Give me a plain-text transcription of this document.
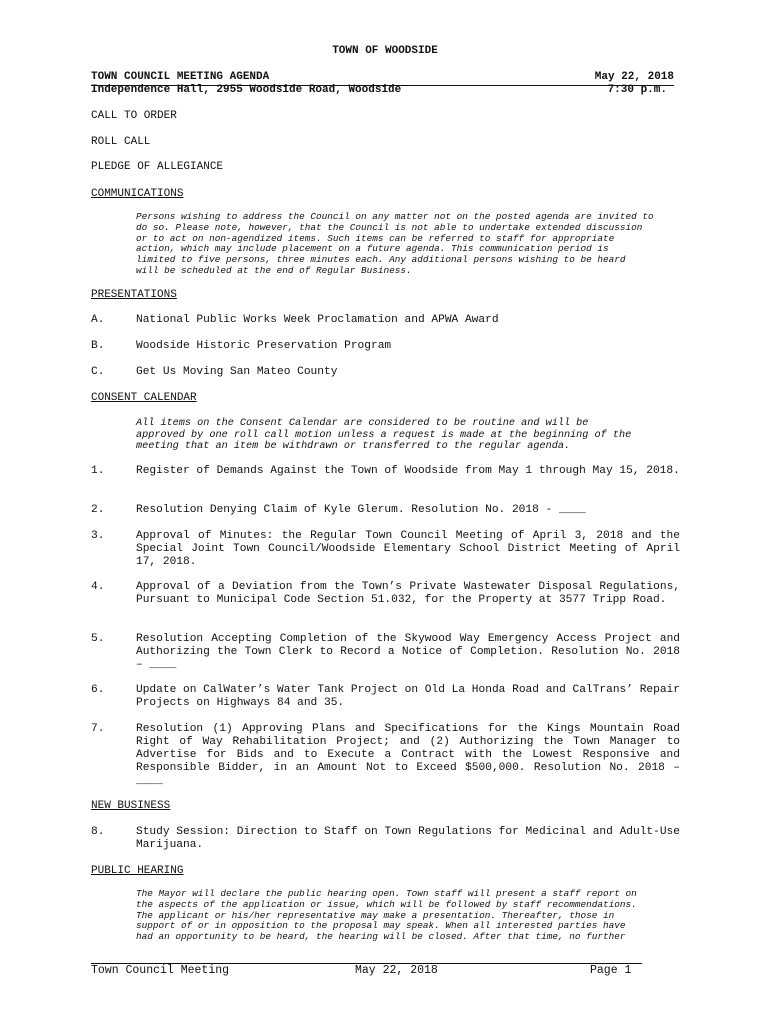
TOWN OF WOODSIDE
TOWN COUNCIL MEETING AGENDA	May 22, 2018
Independence Hall, 2955 Woodside Road, Woodside	7:30 p.m.
CALL TO ORDER
ROLL CALL
PLEDGE OF ALLEGIANCE
COMMUNICATIONS
Persons wishing to address the Council on any matter not on the posted agenda are invited to
do so. Please note, however, that the Council is not able to undertake extended discussion
or to act on non-agendized items. Such items can be referred to staff for appropriate
action, which may include placement on a future agenda. This communication period is
limited to five persons, three minutes each. Any additional persons wishing to be heard
will be scheduled at the end of Regular Business.
PRESENTATIONS
A.	National Public Works Week Proclamation and APWA Award
B.	Woodside Historic Preservation Program
C.	Get Us Moving San Mateo County
CONSENT CALENDAR
All items on the Consent Calendar are considered to be routine and will be
approved by one roll call motion unless a request is made at the beginning of the
meeting that an item be withdrawn or transferred to the regular agenda.
1.	Register of Demands Against the Town of Woodside from May 1 through May 15, 2018.
2.	Resolution Denying Claim of Kyle Glerum. Resolution No. 2018 - ____
3.	Approval of Minutes: the Regular Town Council Meeting of April 3, 2018 and the Special Joint Town Council/Woodside Elementary School District Meeting of April 17, 2018.
4.	Approval of a Deviation from the Town’s Private Wastewater Disposal Regulations, Pursuant to Municipal Code Section 51.032, for the Property at 3577 Tripp Road.
5.	Resolution Accepting Completion of the Skywood Way Emergency Access Project and Authorizing the Town Clerk to Record a Notice of Completion. Resolution No. 2018 – ____
6.	Update on CalWater’s Water Tank Project on Old La Honda Road and CalTrans’ Repair Projects on Highways 84 and 35.
7.	Resolution (1) Approving Plans and Specifications for the Kings Mountain Road Right of Way Rehabilitation Project; and (2) Authorizing the Town Manager to Advertise for Bids and to Execute a Contract with the Lowest Responsive and Responsible Bidder, in an Amount Not to Exceed $500,000. Resolution No. 2018 – ____
NEW BUSINESS
8.	Study Session: Direction to Staff on Town Regulations for Medicinal and Adult-Use Marijuana.
PUBLIC HEARING
The Mayor will declare the public hearing open. Town staff will present a staff report on
the aspects of the application or issue, which will be followed by staff recommendations.
The applicant or his/her representative may make a presentation. Thereafter, those in
support of or in opposition to the proposal may speak. When all interested parties have
had an opportunity to be heard, the hearing will be closed. After that time, no further
Town Council Meeting	May 22, 2018	Page 1
